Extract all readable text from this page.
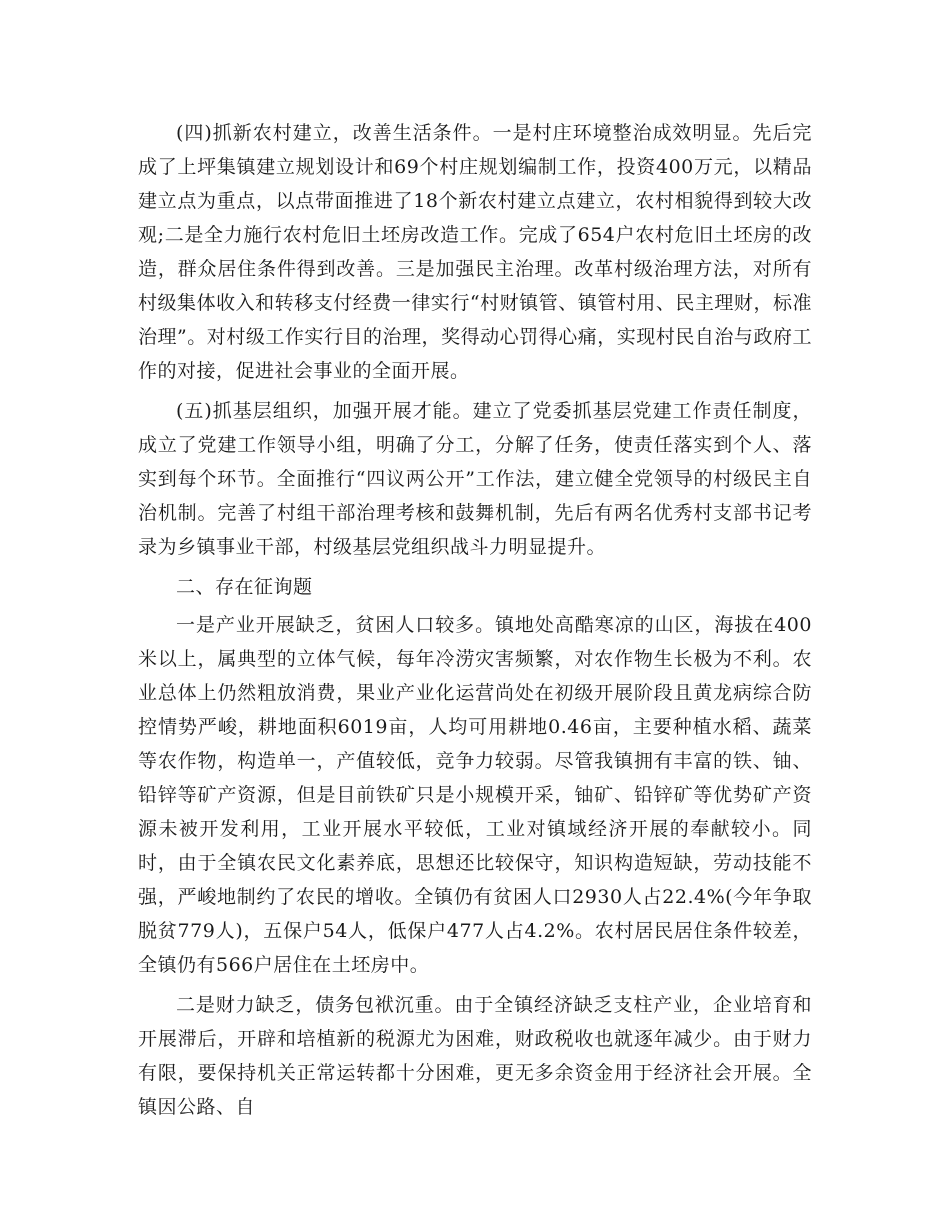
(四)抓新农村建立，改善生活条件。一是村庄环境整治成效明显。先后完成了上坪集镇建立规划设计和69个村庄规划编制工作，投资400万元，以精品建立点为重点，以点带面推进了18个新农村建立点建立，农村相貌得到较大改观;二是全力施行农村危旧土坯房改造工作。完成了654户农村危旧土坯房的改造，群众居住条件得到改善。三是加强民主治理。改革村级治理方法，对所有村级集体收入和转移支付经费一律实行“村财镇管、镇管村用、民主理财，标准治理”。对村级工作实行目的治理，奖得动心罚得心痛，实现村民自治与政府工作的对接，促进社会事业的全面开展。

(五)抓基层组织，加强开展才能。建立了党委抓基层党建工作责任制度，成立了党建工作领导小组，明确了分工，分解了任务，使责任落实到个人、落实到每个环节。全面推行“四议两公开”工作法，建立健全党领导的村级民主自治机制。完善了村组干部治理考核和鼓舞机制，先后有两名优秀村支部书记考录为乡镇事业干部，村级基层党组织战斗力明显提升。

二、存在征询题

一是产业开展缺乏，贫困人口较多。镇地处高酷寒凉的山区，海拔在400米以上，属典型的立体气候，每年冷涝灾害频繁，对农作物生长极为不利。农业总体上仍然粗放消费，果业产业化运营尚处在初级开展阶段且黄龙病综合防控情势严峻，耕地面积6019亩，人均可用耕地0.46亩，主要种植水稻、蔬菜等农作物，构造单一，产值较低，竞争力较弱。尽管我镇拥有丰富的铁、铀、铅锌等矿产资源，但是目前铁矿只是小规模开采，铀矿、铅锌矿等优势矿产资源未被开发利用，工业开展水平较低，工业对镇域经济开展的奉献较小。同时，由于全镇农民文化素养底，思想还比较保守，知识构造短缺，劳动技能不强，严峻地制约了农民的增收。全镇仍有贫困人口2930人占22.4%(今年争取脱贫779人)，五保户54人，低保户477人占4.2%。农村居民居住条件较差，全镇仍有566户居住在土坯房中。

二是财力缺乏，债务包袱沉重。由于全镇经济缺乏支柱产业，企业培育和开展滞后，开辟和培植新的税源尤为困难，财政税收也就逐年减少。由于财力有限，要保持机关正常运转都十分困难，更无多余资金用于经济社会开展。全镇因公路、自
